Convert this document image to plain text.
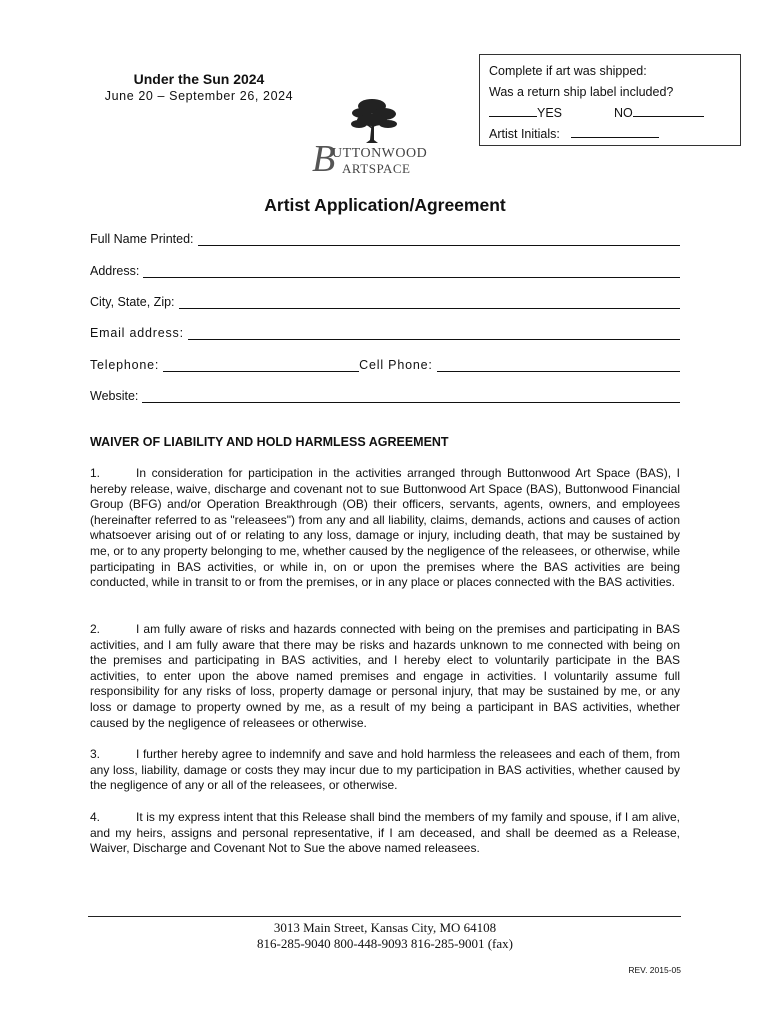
Under the Sun 2024
June 20 – September 26, 2024
Complete if art was shipped:
Was a return ship label included?
YES	NO
Artist Initials:
B
UTTONWOOD
ARTSPACE
Artist Application/Agreement
Full Name Printed:
Address:
City, State, Zip:
Email address:
Telephone:	Cell Phone:
Website:
WAIVER OF LIABILITY AND HOLD HARMLESS AGREEMENT
1.	In consideration for participation in the activities arranged through Buttonwood Art Space (BAS), I hereby release, waive, discharge and covenant not to sue Buttonwood Art Space (BAS), Buttonwood Financial Group (BFG) and/or Operation Breakthrough (OB) their officers, servants, agents, owners, and employees (hereinafter referred to as "releasees") from any and all liability, claims, demands, actions and causes of action whatsoever arising out of or relating to any loss, damage or injury, including death, that may be sustained by me, or to any property belonging to me, whether caused by the negligence of the releasees, or otherwise, while participating in BAS activities, or while in, on or upon the premises where the BAS activities are being conducted, while in transit to or from the premises, or in any place or places connected with the BAS activities.
2.	I am fully aware of risks and hazards connected with being on the premises and participating in BAS activities, and I am fully aware that there may be risks and hazards unknown to me connected with being on the premises and participating in BAS activities, and I hereby elect to voluntarily participate in the BAS activities, to enter upon the above named premises and engage in activities. I voluntarily assume full responsibility for any risks of loss, property damage or personal injury, that may be sustained by me, or any loss or damage to property owned by me, as a result of my being a participant in BAS activities, whether caused by the negligence of releasees or otherwise.
3.	I further hereby agree to indemnify and save and hold harmless the releasees and each of them, from any loss, liability, damage or costs they may incur due to my participation in BAS activities, whether caused by the negligence of any or all of the releasees, or otherwise.
4.	It is my express intent that this Release shall bind the members of my family and spouse, if I am alive, and my heirs, assigns and personal representative, if I am deceased, and shall be deemed as a Release, Waiver, Discharge and Covenant Not to Sue the above named releasees.
3013 Main Street, Kansas City, MO 64108
816-285-9040 800-448-9093 816-285-9001 (fax)
REV. 2015-05
